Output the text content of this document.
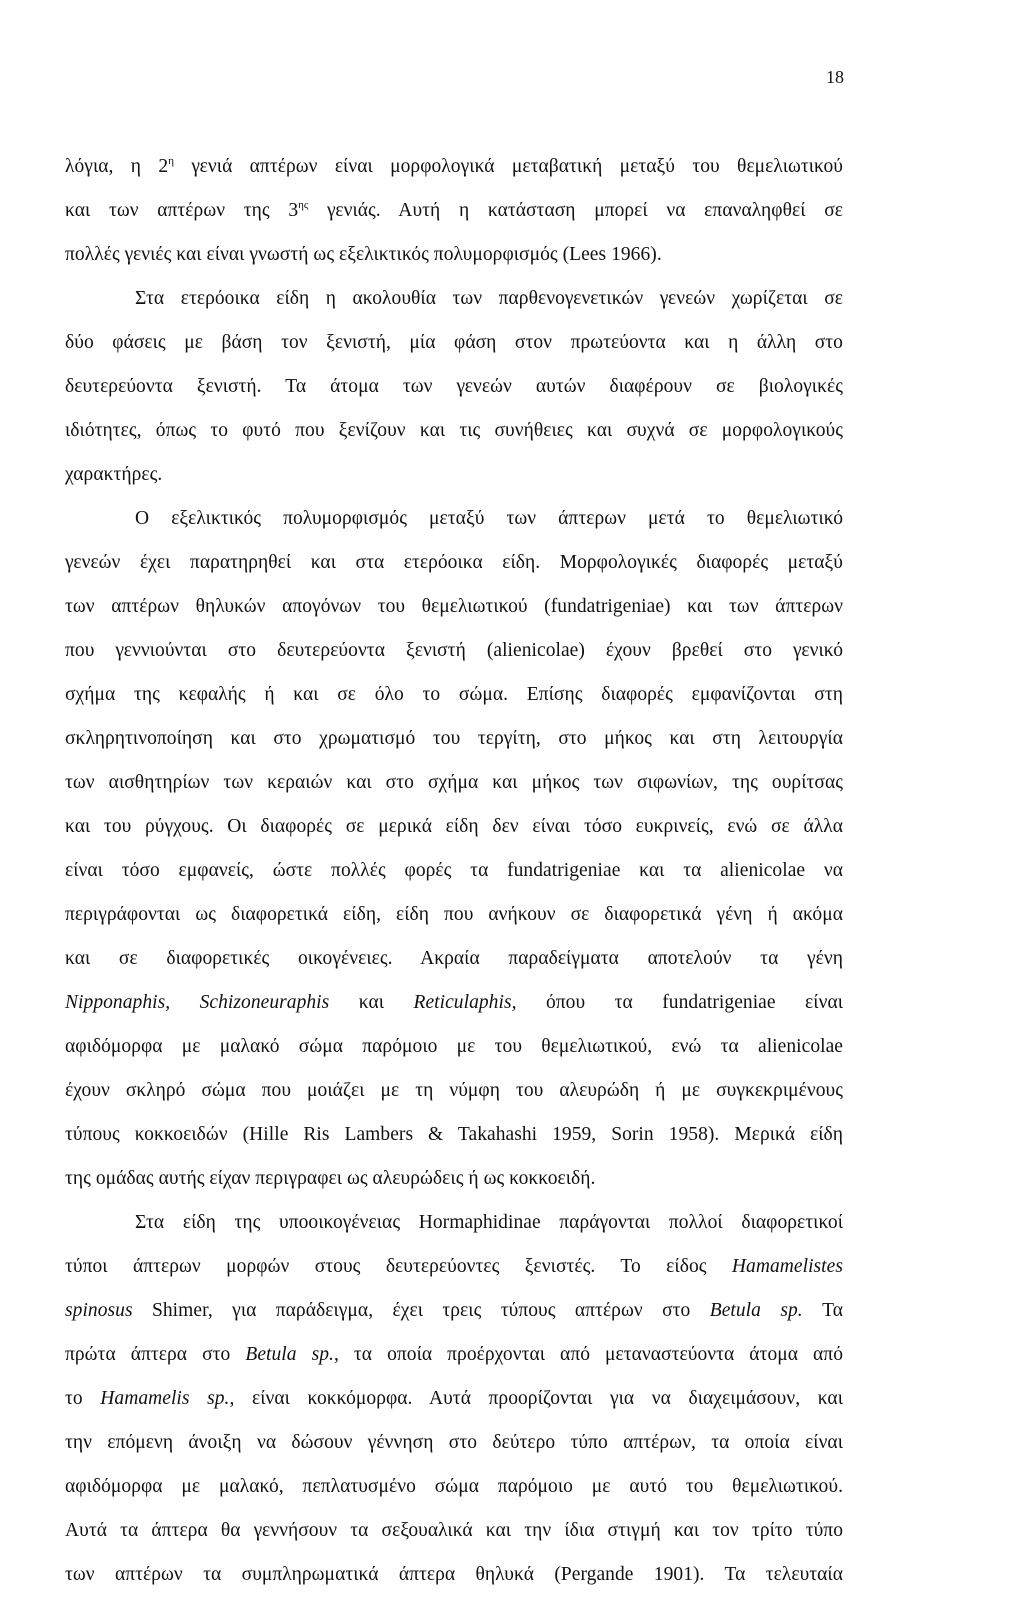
18
λόγια, η $2^\eta$ γενιά απτέρων είναι μορφολογικά μεταβατική μεταξύ του θεμελιωτικού
και των απτέρων της $3^{\eta\varsigma}$ γενιάς. Αυτή η κατάσταση μπορεί να επαναληφθεί σε
πολλές γενιές και είναι γνωστή ως εξελικτικός πολυμορφισμός (Lees 1966).
Στα ετερόοικα είδη η ακολουθία των παρθενογενετικών γενεών χωρίζεται σε
δύο φάσεις με βάση τον ξενιστή, μία φάση στον πρωτεύοντα και η άλλη στο
δευτερεύοντα ξενιστή. Τα άτομα των γενεών αυτών διαφέρουν σε βιολογικές
ιδιότητες, όπως το φυτό που ξενίζουν και τις συνήθειες και συχνά σε μορφολογικούς
χαρακτήρες.
Ο εξελικτικός πολυμορφισμός μεταξύ των άπτερων μετά το θεμελιωτικό
γενεών έχει παρατηρηθεί και στα ετερόοικα είδη. Μορφολογικές διαφορές μεταξύ
των απτέρων θηλυκών απογόνων του θεμελιωτικού (fundatrigeniae) και των άπτερων
που γεννιούνται στο δευτερεύοντα ξενιστή (alienicolae) έχουν βρεθεί στο γενικό
σχήμα της κεφαλής ή και σε όλο το σώμα. Επίσης διαφορές εμφανίζονται στη
σκληρητινοποίηση και στο χρωματισμό του τεργίτη, στο μήκος και στη λειτουργία
των αισθητηρίων των κεραιών και στο σχήμα και μήκος των σιφωνίων, της ουρίτσας
και του ρύγχους. Οι διαφορές σε μερικά είδη δεν είναι τόσο ευκρινείς, ενώ σε άλλα
είναι τόσο εμφανείς, ώστε πολλές φορές τα fundatrigeniae και τα alienicolae να
περιγράφονται ως διαφορετικά είδη, είδη που ανήκουν σε διαφορετικά γένη ή ακόμα
και σε διαφορετικές οικογένειες. Ακραία παραδείγματα αποτελούν τα γένη
Nipponaphis, Schizoneuraphis και Reticulaphis, όπου τα fundatrigeniae είναι
αφιδόμορφα με μαλακό σώμα παρόμοιο με του θεμελιωτικού, ενώ τα alienicolae
έχουν σκληρό σώμα που μοιάζει με τη νύμφη του αλευρώδη ή με συγκεκριμένους
τύπους κοκκοειδών (Hille Ris Lambers & Takahashi 1959, Sorin 1958). Μερικά είδη
της ομάδας αυτής είχαν περιγραφει ως αλευρώδεις ή ως κοκκοειδή.
Στα είδη της υποοικογένειας Hormaphidinae παράγονται πολλοί διαφορετικοί
τύποι άπτερων μορφών στους δευτερεύοντες ξενιστές. Το είδος Hamamelistes
spinosus Shimer, για παράδειγμα, έχει τρεις τύπους απτέρων στο Betula sp. Τα
πρώτα άπτερα στο Betula sp., τα οποία προέρχονται από μεταναστεύοντα άτομα από
το Hamamelis sp., είναι κοκκόμορφα. Αυτά προορίζονται για να διαχειμάσουν, και
την επόμενη άνοιξη να δώσουν γέννηση στο δεύτερο τύπο απτέρων, τα οποία είναι
αφιδόμορφα με μαλακό, πεπλατυσμένο σώμα παρόμοιο με αυτό του θεμελιωτικού.
Αυτά τα άπτερα θα γεννήσουν τα σεξουαλικά και την ίδια στιγμή και τον τρίτο τύπο
των απτέρων τα συμπληρωματικά άπτερα θηλυκά (Pergande 1901). Τα τελευταία
